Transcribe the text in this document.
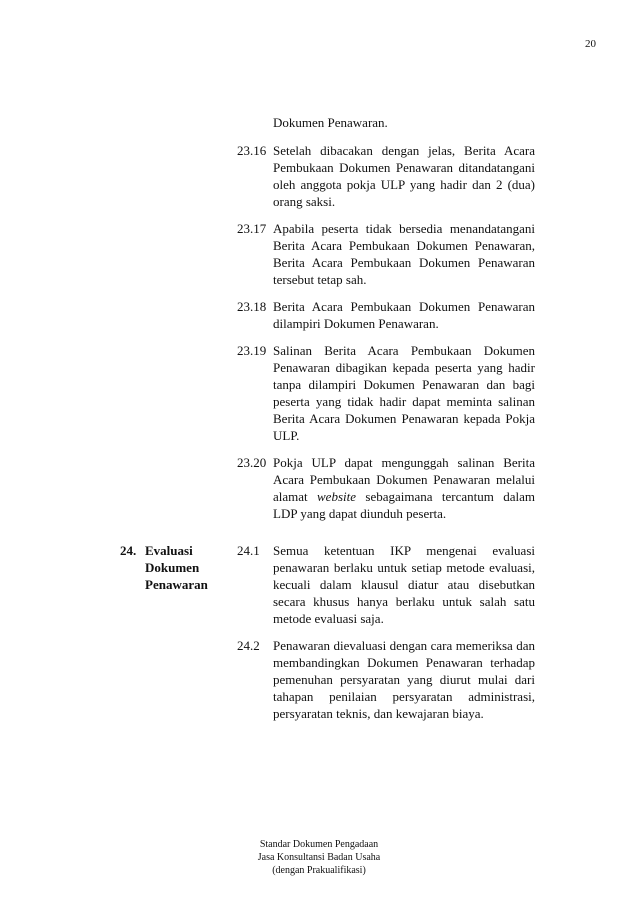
20
Dokumen Penawaran.
23.16 Setelah dibacakan dengan jelas, Berita Acara Pembukaan Dokumen Penawaran ditandatangani oleh anggota pokja ULP yang hadir dan 2 (dua) orang saksi.
23.17 Apabila peserta tidak bersedia menandatangani Berita Acara Pembukaan Dokumen Penawaran, Berita Acara Pembukaan Dokumen Penawaran tersebut tetap sah.
23.18 Berita Acara Pembukaan Dokumen Penawaran dilampiri Dokumen Penawaran.
23.19 Salinan Berita Acara Pembukaan Dokumen Penawaran dibagikan kepada peserta yang hadir tanpa dilampiri Dokumen Penawaran dan bagi peserta yang tidak hadir dapat meminta salinan Berita Acara Dokumen Penawaran kepada Pokja ULP.
23.20 Pokja ULP dapat mengunggah salinan Berita Acara Pembukaan Dokumen Penawaran melalui alamat website sebagaimana tercantum dalam LDP yang dapat diunduh peserta.
24. Evaluasi Dokumen Penawaran
24.1	Semua ketentuan IKP mengenai evaluasi penawaran berlaku untuk setiap metode evaluasi, kecuali dalam klausul diatur atau disebutkan secara khusus hanya berlaku untuk salah satu metode evaluasi saja.
24.2	Penawaran dievaluasi dengan cara memeriksa dan membandingkan Dokumen Penawaran terhadap pemenuhan persyaratan yang diurut mulai dari tahapan penilaian persyaratan administrasi, persyaratan teknis, dan kewajaran biaya.
Standar Dokumen Pengadaan
Jasa Konsultansi Badan Usaha
(dengan Prakualifikasi)
